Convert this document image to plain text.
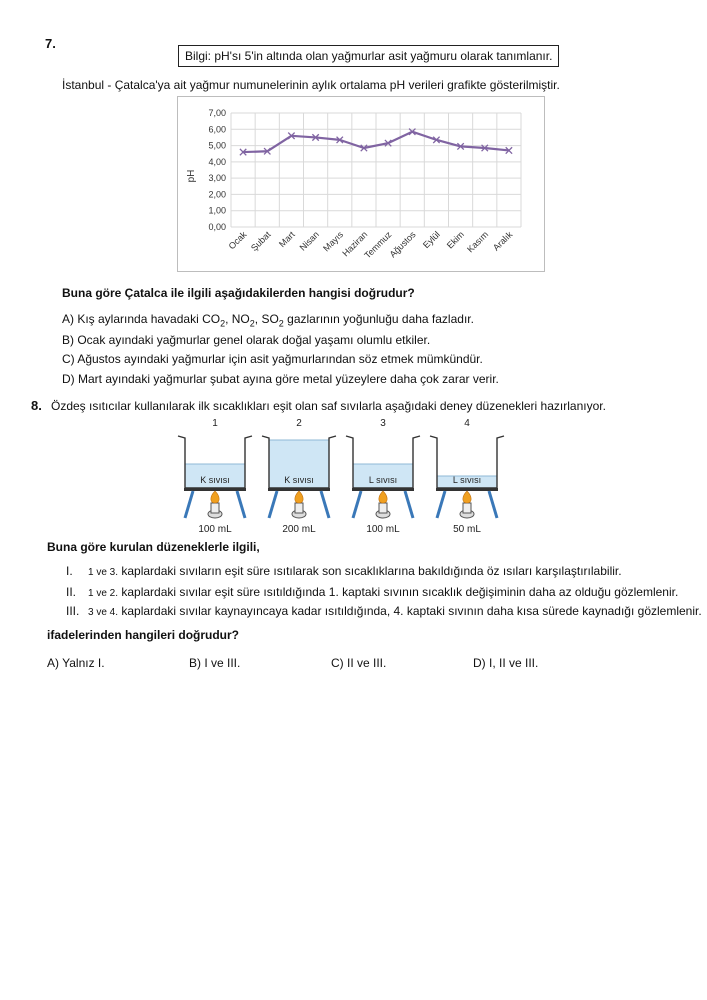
7.
Bilgi: pH'sı 5'in altında olan yağmurlar asit yağmuru olarak tanımlanır.
İstanbul - Çatalca'ya ait yağmur numunelerinin aylık ortalama pH verileri grafikte gösterilmiştir.
0,00
1,00
2,00
3,00
4,00
5,00
6,00
7,00
pH
Ocak Şubat Mart Nisan Mayıs
Haziran
Temmuz
Ağustos Eylül Ekim Kasım Aralık
Buna göre Çatalca ile ilgili aşağıdakilerden hangisi doğrudur?
A) Kış aylarında havadaki $CO_2$, $NO_2$, $SO_2$ gazlarının yoğunluğu daha fazladır.
B) Ocak ayındaki yağmurlar genel olarak doğal yaşamı olumlu etkiler.
C) Ağustos ayındaki yağmurlar için asit yağmurlarından söz etmek mümkündür.
D) Mart ayındaki yağmurlar şubat ayına göre metal yüzeylere daha çok zarar verir.
8. Özdeş ısıtıcılar kullanılarak ilk sıcaklıkları eşit olan saf sıvılarla aşağıdaki deney düzenekleri hazırlanıyor.
1
K sıvısı
100 mL
2
K sıvısı
200 mL
3
L sıvısı
100 mL
4
L sıvısı
50 mL
Buna göre kurulan düzeneklerle ilgili,
I. 1 ve 3. kaplardaki sıvıların eşit süre ısıtılarak son sıcaklıklarına bakıldığında öz ısıları karşılaştırılabilir.
II. 1 ve 2. kaplardaki sıvılar eşit süre ısıtıldığında 1. kaptaki sıvının sıcaklık değişiminin daha az olduğu gözlemlenir.
III. 3 ve 4. kaplardaki sıvılar kaynayıncaya kadar ısıtıldığında, 4. kaptaki sıvının daha kısa sürede kaynadığı gözlemlenir.
ifadelerinden hangileri doğrudur?
A) Yalnız I.	B) I ve III.	C) II ve III.	D) I, II ve III.
